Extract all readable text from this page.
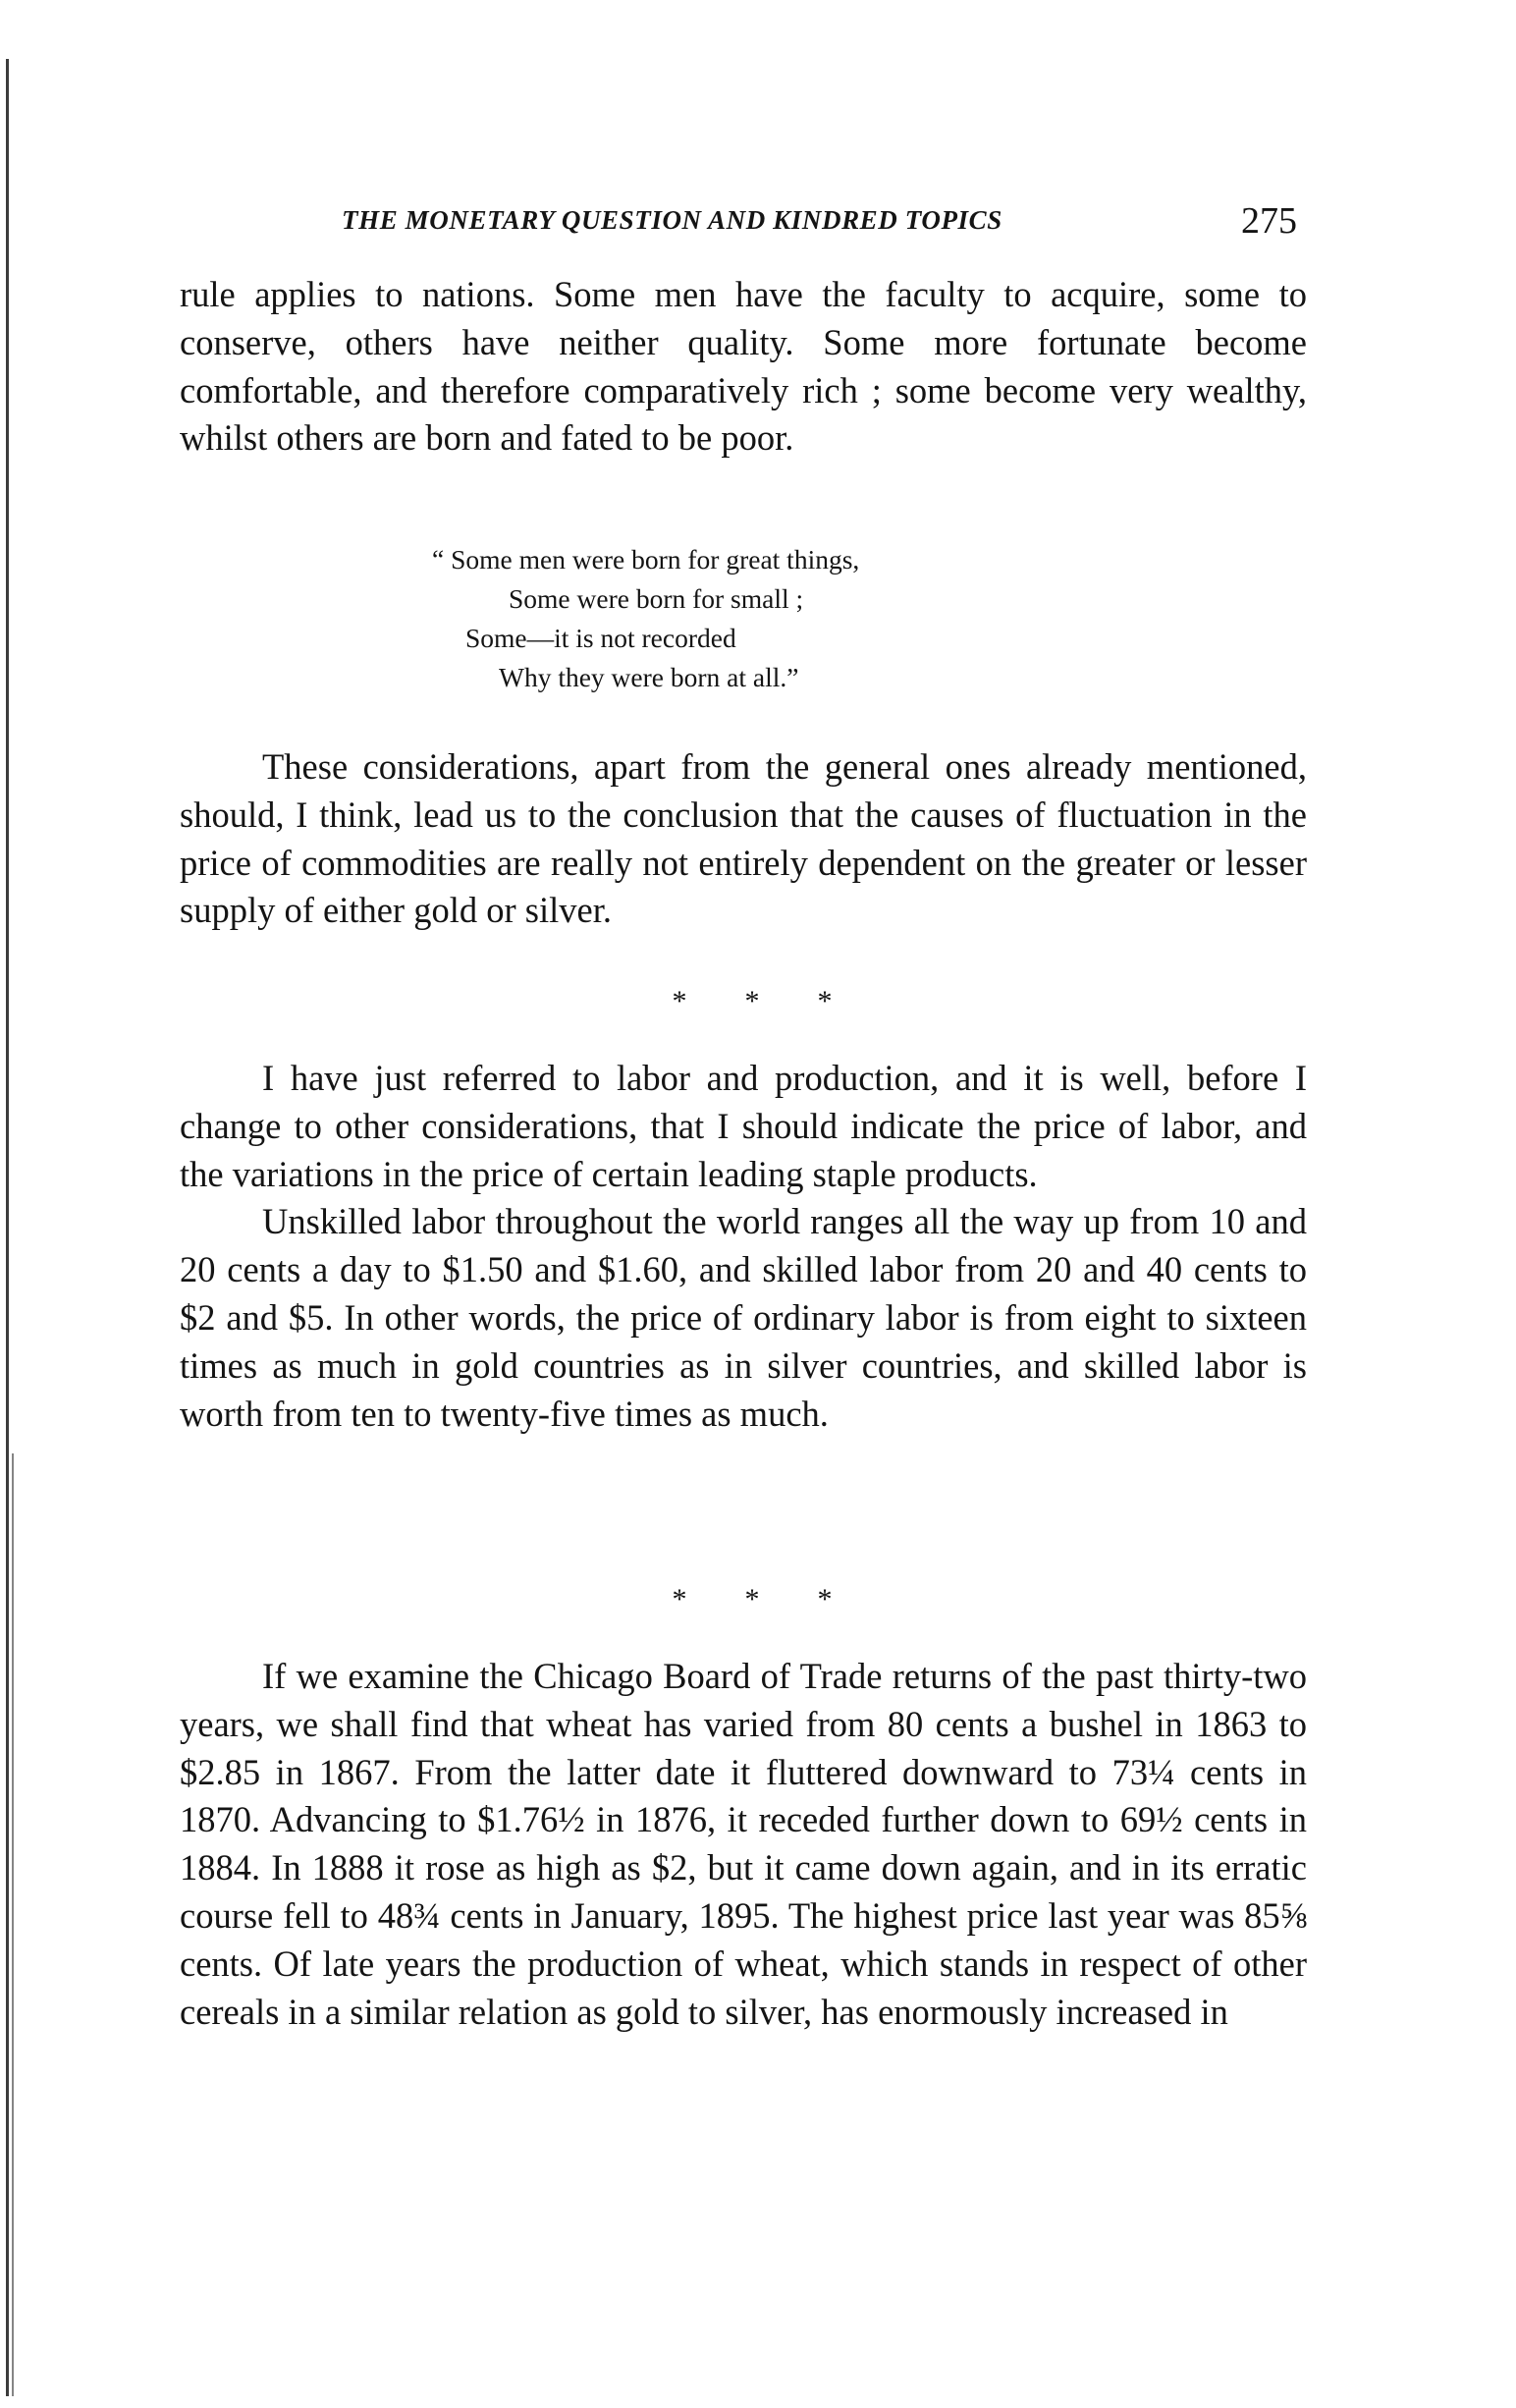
THE MONETARY QUESTION AND KINDRED TOPICS	275

rule applies to nations. Some men have the faculty to acquire, some to conserve, others have neither quality. Some more fortunate become comfortable, and therefore comparatively rich ; some become very wealthy, whilst others are born and fated to be poor.

“ Some men were born for great things,
Some were born for small ;
Some—it is not recorded
Why they were born at all.”

These considerations, apart from the general ones already mentioned, should, I think, lead us to the conclusion that the causes of fluctuation in the price of commodities are really not entirely dependent on the greater or lesser supply of either gold or silver.

* * *

I have just referred to labor and production, and it is well, before I change to other considerations, that I should indicate the price of labor, and the variations in the price of certain leading staple products.

Unskilled labor throughout the world ranges all the way up from 10 and 20 cents a day to $1.50 and $1.60, and skilled labor from 20 and 40 cents to $2 and $5. In other words, the price of ordinary labor is from eight to sixteen times as much in gold countries as in silver countries, and skilled labor is worth from ten to twenty-five times as much.

* * *

If we examine the Chicago Board of Trade returns of the past thirty-two years, we shall find that wheat has varied from 80 cents a bushel in 1863 to $2.85 in 1867. From the latter date it fluttered downward to 73¼ cents in 1870. Advancing to $1.76½ in 1876, it receded further down to 69½ cents in 1884. In 1888 it rose as high as $2, but it came down again, and in its erratic course fell to 48¾ cents in January, 1895. The highest price last year was 85⅝ cents. Of late years the production of wheat, which stands in respect of other cereals in a similar relation as gold to silver, has enormously increased in
